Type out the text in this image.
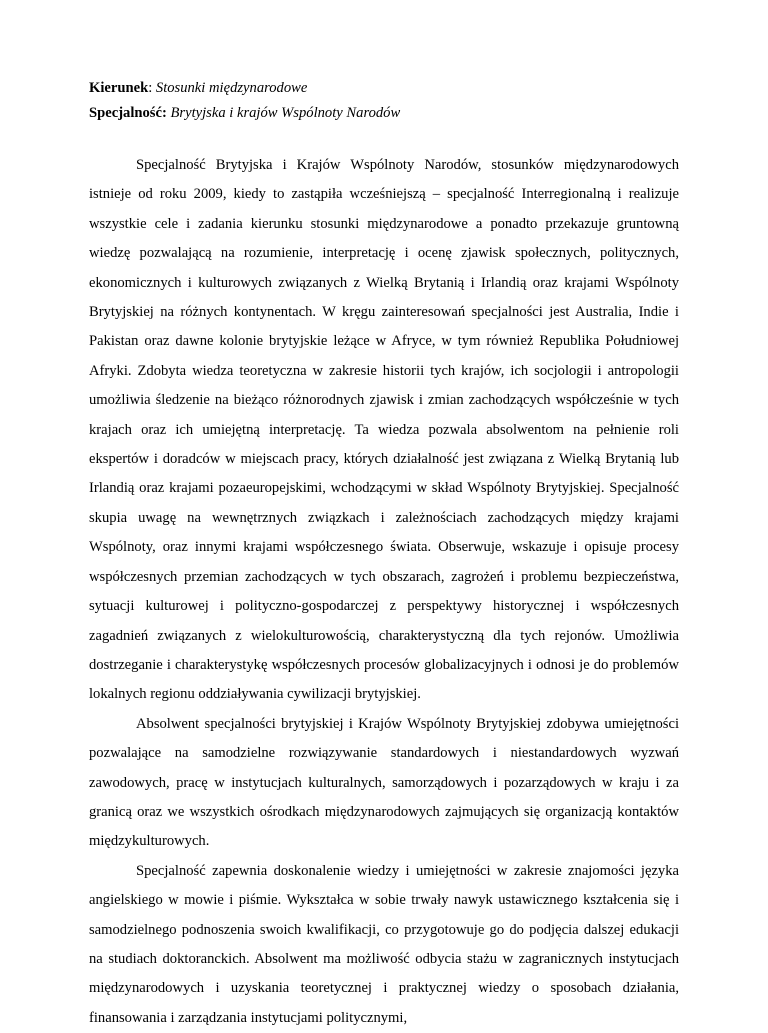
Kierunek: Stosunki międzynarodowe

Specjalność: Brytyjska i krajów Wspólnoty Narodów

Specjalność Brytyjska i Krajów Wspólnoty Narodów, stosunków międzynarodowych istnieje od roku 2009, kiedy to zastąpiła wcześniejszą – specjalność Interregionalną i realizuje wszystkie cele i zadania kierunku stosunki międzynarodowe a ponadto przekazuje gruntowną wiedzę pozwalającą na rozumienie, interpretację i ocenę zjawisk społecznych, politycznych, ekonomicznych i kulturowych związanych z Wielką Brytanią i Irlandią oraz krajami Wspólnoty Brytyjskiej na różnych kontynentach. W kręgu zainteresowań specjalności jest Australia, Indie i Pakistan oraz dawne kolonie brytyjskie leżące w Afryce, w tym również Republika Południowej Afryki. Zdobyta wiedza teoretyczna w zakresie historii tych krajów, ich socjologii i antropologii umożliwia śledzenie na bieżąco różnorodnych zjawisk i zmian zachodzących współcześnie w tych krajach oraz ich umiejętną interpretację. Ta wiedza pozwala absolwentom na pełnienie roli ekspertów i doradców w miejscach pracy, których działalność jest związana z Wielką Brytanią lub Irlandią oraz krajami pozaeuropejskimi, wchodzącymi w skład Wspólnoty Brytyjskiej. Specjalność skupia uwagę na wewnętrznych związkach i zależnościach zachodzących między krajami Wspólnoty, oraz innymi krajami współczesnego świata. Obserwuje, wskazuje i opisuje procesy współczesnych przemian zachodzących w tych obszarach, zagrożeń i problemu bezpieczeństwa, sytuacji kulturowej i polityczno-gospodarczej z perspektywy historycznej i współczesnych zagadnień związanych z wielokulturowością, charakterystyczną dla tych rejonów. Umożliwia dostrzeganie i charakterystykę współczesnych procesów globalizacyjnych i odnosi je do problemów lokalnych regionu oddziaływania cywilizacji brytyjskiej.

Absolwent specjalności brytyjskiej i Krajów Wspólnoty Brytyjskiej zdobywa umiejętności pozwalające na samodzielne rozwiązywanie standardowych i niestandardowych wyzwań zawodowych, pracę w instytucjach kulturalnych, samorządowych i pozarządowych w kraju i za granicą oraz we wszystkich ośrodkach międzynarodowych zajmujących się organizacją kontaktów międzykulturowych.

Specjalność zapewnia doskonalenie wiedzy i umiejętności w zakresie znajomości języka angielskiego w mowie i piśmie. Wykształca w sobie trwały nawyk ustawicznego kształcenia się i samodzielnego podnoszenia swoich kwalifikacji, co przygotowuje go do podjęcia dalszej edukacji na studiach doktoranckich. Absolwent ma możliwość odbycia stażu w zagranicznych instytucjach międzynarodowych i uzyskania teoretycznej i praktycznej wiedzy o sposobach działania, finansowania i zarządzania instytucjami politycznymi,
